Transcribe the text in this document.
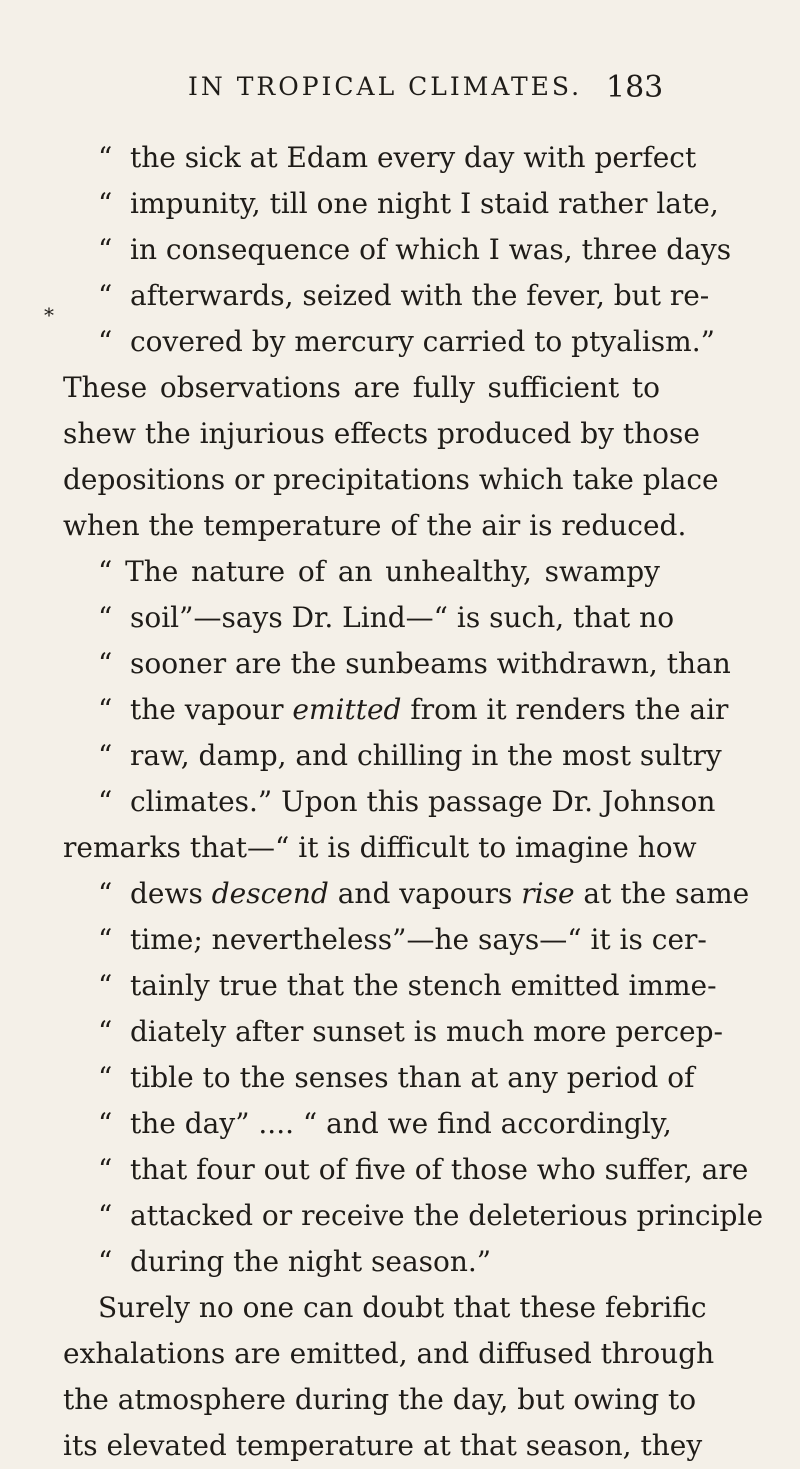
IN TROPICAL CLIMATES. 183
*
“ the sick at Edam every day with perfect
“ impunity, till one night I staid rather late,
“ in consequence of which I was, three days
“ afterwards, seized with the fever, but re-
“ covered by mercury carried to ptyalism.”
These observations are fully sufficient to
shew the injurious effects produced by those
depositions or precipitations which take place
when the temperature of the air is reduced.
“ The nature of an unhealthy, swampy
“ soil”—says Dr. Lind—“ is such, that no
“ sooner are the sunbeams withdrawn, than
“ the vapour emitted from it renders the air
“ raw, damp, and chilling in the most sultry
“ climates.” Upon this passage Dr. Johnson
remarks that—“ it is difficult to imagine how
“ dews descend and vapours rise at the same
“ time; nevertheless”—he says—“ it is cer-
“ tainly true that the stench emitted imme-
“ diately after sunset is much more percep-
“ tible to the senses than at any period of
“ the day” .... “ and we find accordingly,
“ that four out of five of those who suffer, are
“ attacked or receive the deleterious principle
“ during the night season.”
Surely no one can doubt that these febrific
exhalations are emitted, and diffused through
the atmosphere during the day, but owing to
its elevated temperature at that season, they
